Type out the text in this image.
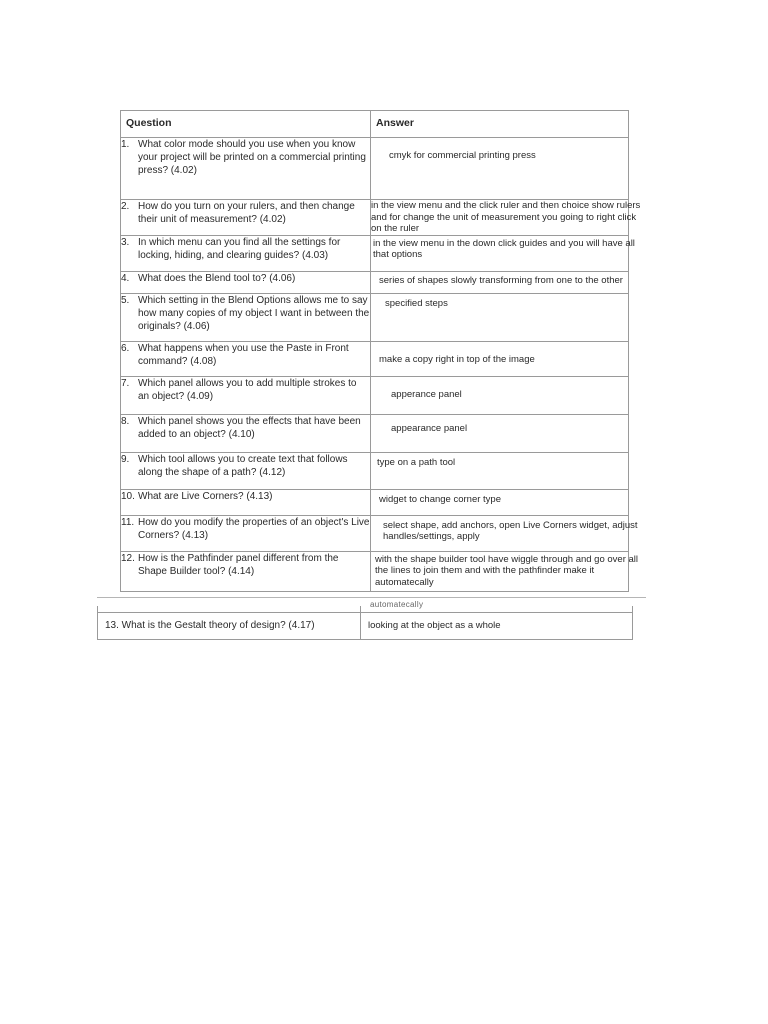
Question	Answer

1. What color mode should you use when you know your project will be printed on a commercial printing press? (4.02)	cmyk for commercial printing press

2. How do you turn on your rulers, and then change their unit of measurement? (4.02)	in the view menu and the click ruler and then choice show rulers
and for change the unit of measurement you going to right click
on the ruler

3. In which menu can you find all the settings for locking, hiding, and clearing guides? (4.03)	in the view menu in the down click guides and you will have all
that options

4. What does the Blend tool to? (4.06)	series of shapes slowly transforming from one to the other

5. Which setting in the Blend Options allows me to say how many copies of my object I want in between the originals? (4.06)	specified steps

6. What happens when you use the Paste in Front command? (4.08)	make a copy right in top of the image

7. Which panel allows you to add multiple strokes to an object? (4.09)	apperance panel

8. Which panel shows you the effects that have been added to an object? (4.10)	appearance panel

9. Which tool allows you to create text that follows along the shape of a path? (4.12)	type on a path tool

10. What are Live Corners? (4.13)	widget to change corner type

11. How do you modify the properties of an object's Live Corners? (4.13)	select shape, add anchors, open Live Corners widget, adjust
handles/settings, apply

12. How is the Pathfinder panel different from the Shape Builder tool? (4.14)	with the shape builder tool have wiggle through and go over all
the lines to join them and with the pathfinder make it
automatecally
automatecally
13. What is the Gestalt theory of design? (4.17)	looking at the object as a whole
